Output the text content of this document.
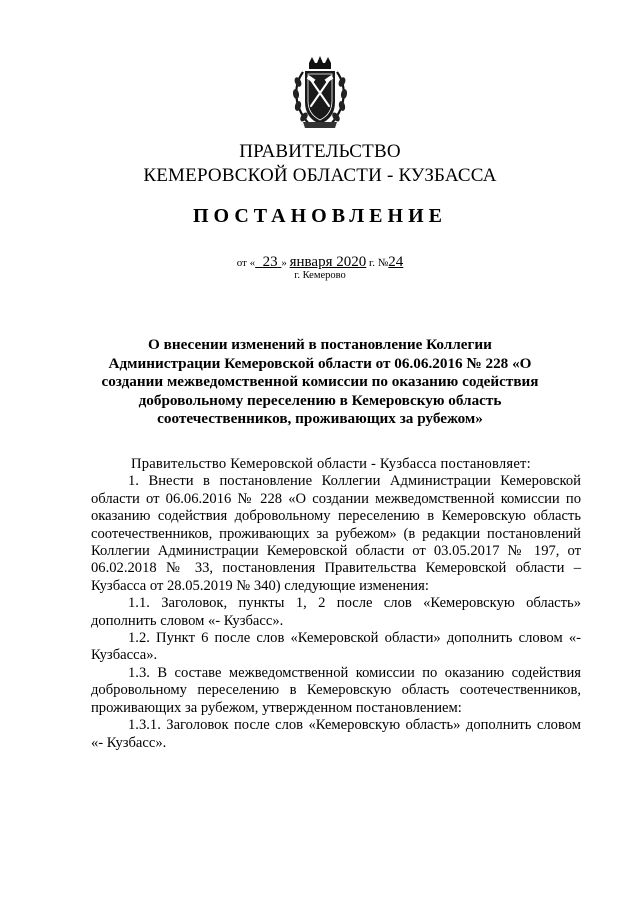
ПРАВИТЕЛЬСТВО
КЕМЕРОВСКОЙ ОБЛАСТИ - КУЗБАССА
ПОСТАНОВЛЕНИЕ
от « 23 » января 2020 г. №24
г. Кемерово
О внесении изменений в постановление Коллегии Администрации Кемеровской области от 06.06.2016 № 228 «О создании межведомственной комиссии по оказанию содействия добровольному переселению в Кемеровскую область соотечественников, проживающих за рубежом»

Правительство Кемеровской области - Кузбасса постановляет:

1. Внести в постановление Коллегии Администрации Кемеровской области от 06.06.2016 № 228 «О создании межведомственной комиссии по оказанию содействия добровольному переселению в Кемеровскую область соотечественников, проживающих за рубежом» (в редакции постановлений Коллегии Администрации Кемеровской области от 03.05.2017 № 197, от 06.02.2018 № 33, постановления Правительства Кемеровской области – Кузбасса от 28.05.2019 № 340) следующие изменения:

1.1. Заголовок, пункты 1, 2 после слов «Кемеровскую область» дополнить словом «- Кузбасс».

1.2. Пункт 6 после слов «Кемеровской области» дополнить словом «- Кузбасса».

1.3. В составе межведомственной комиссии по оказанию содействия добровольному переселению в Кемеровскую область соотечественников, проживающих за рубежом, утвержденном постановлением:

1.3.1. Заголовок после слов «Кемеровскую область» дополнить словом «- Кузбасс».
